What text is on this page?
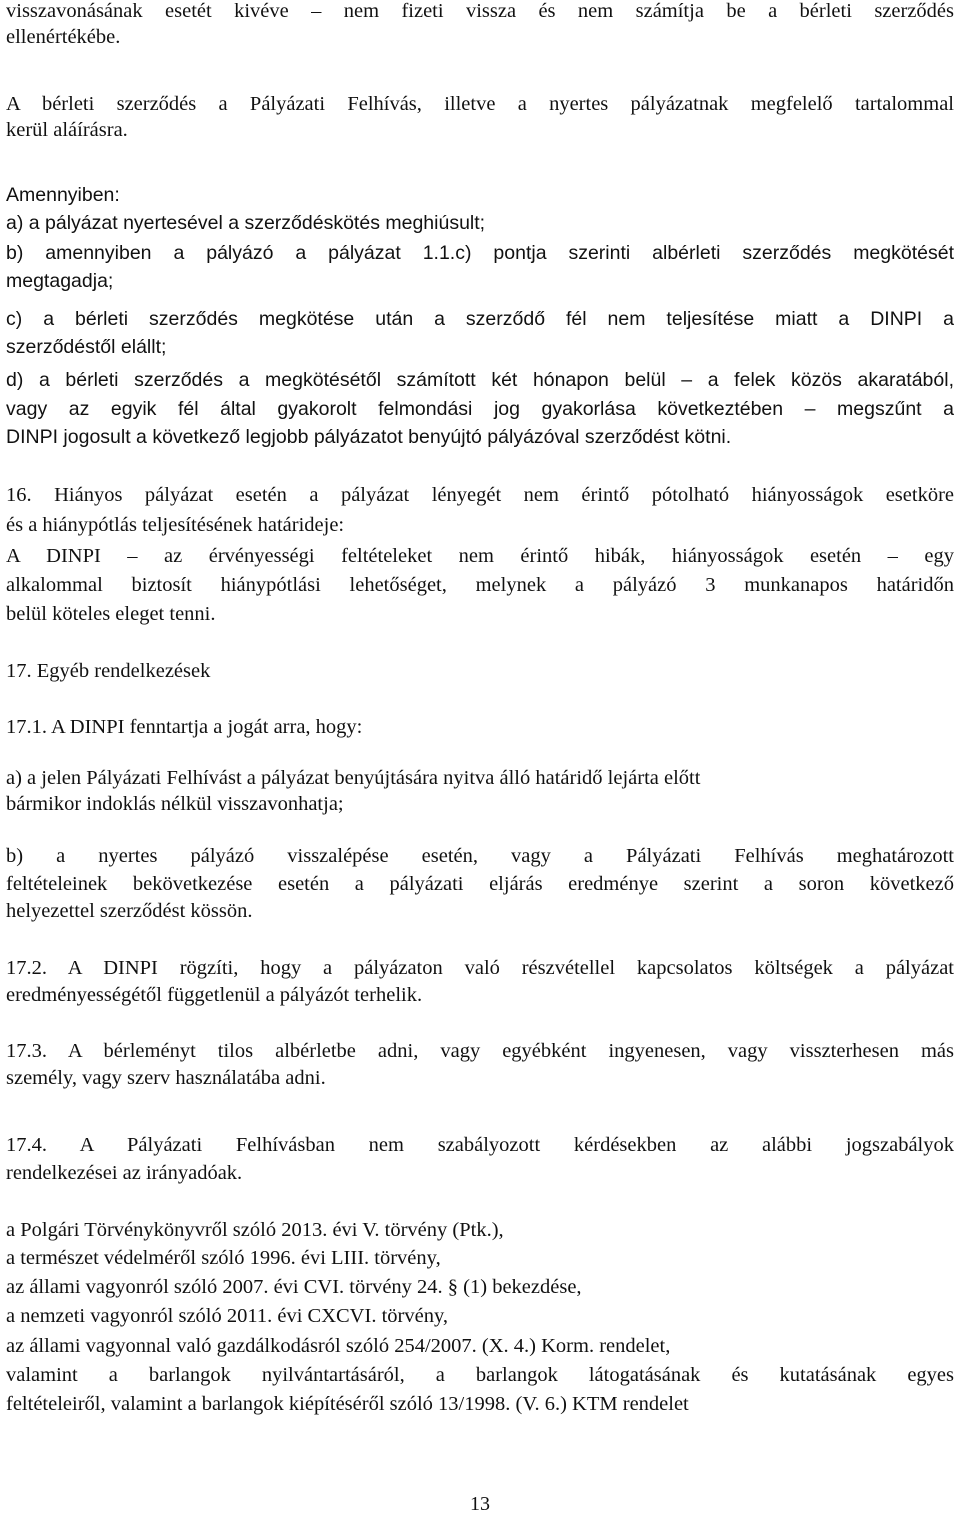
visszavonásának esetét kivéve – nem fizeti vissza és nem számítja be a bérleti szerződés
ellenértékébe.
A bérleti szerződés a Pályázati Felhívás, illetve a nyertes pályázatnak megfelelő tartalommal
kerül aláírásra.
Amennyiben:
a) a pályázat nyertesével a szerződéskötés meghiúsult;
b) amennyiben a pályázó a pályázat 1.1.c) pontja szerinti albérleti szerződés megkötését
megtagadja;
c) a bérleti szerződés megkötése után a szerződő fél nem teljesítése miatt a DINPI a
szerződéstől elállt;
d) a bérleti szerződés a megkötésétől számított két hónapon belül – a felek közös akaratából,
vagy az egyik fél által gyakorolt felmondási jog gyakorlása következtében – megszűnt a
DINPI jogosult a következő legjobb pályázatot benyújtó pályázóval szerződést kötni.
16. Hiányos pályázat esetén a pályázat lényegét nem érintő pótolható hiányosságok esetköre
és a hiánypótlás teljesítésének határideje:
A DINPI – az érvényességi feltételeket nem érintő hibák, hiányosságok esetén – egy
alkalommal biztosít hiánypótlási lehetőséget, melynek a pályázó 3 munkanapos határidőn
belül köteles eleget tenni.
17. Egyéb rendelkezések
17.1. A DINPI fenntartja a jogát arra, hogy:
a) a jelen Pályázati Felhívást a pályázat benyújtására nyitva álló határidő lejárta előtt
bármikor indoklás nélkül visszavonhatja;
b) a nyertes pályázó visszalépése esetén, vagy a Pályázati Felhívás meghatározott
feltételeinek bekövetkezése esetén a pályázati eljárás eredménye szerint a soron következő
helyezettel szerződést kössön.
17.2. A DINPI rögzíti, hogy a pályázaton való részvétellel kapcsolatos költségek a pályázat
eredményességétől függetlenül a pályázót terhelik.
17.3. A bérleményt tilos albérletbe adni, vagy egyébként ingyenesen, vagy visszterhesen más
személy, vagy szerv használatába adni.
17.4. A Pályázati Felhívásban nem szabályozott kérdésekben az alábbi jogszabályok
rendelkezései az irányadóak.
a Polgári Törvénykönyvről szóló 2013. évi V. törvény (Ptk.),
a természet védelméről szóló 1996. évi LIII. törvény,
az állami vagyonról szóló 2007. évi CVI. törvény 24. § (1) bekezdése,
a nemzeti vagyonról szóló 2011. évi CXCVI. törvény,
az állami vagyonnal való gazdálkodásról szóló 254/2007. (X. 4.) Korm. rendelet,
valamint a barlangok nyilvántartásáról, a barlangok látogatásának és kutatásának egyes
feltételeiről, valamint a barlangok kiépítéséről szóló 13/1998. (V. 6.) KTM rendelet
13
